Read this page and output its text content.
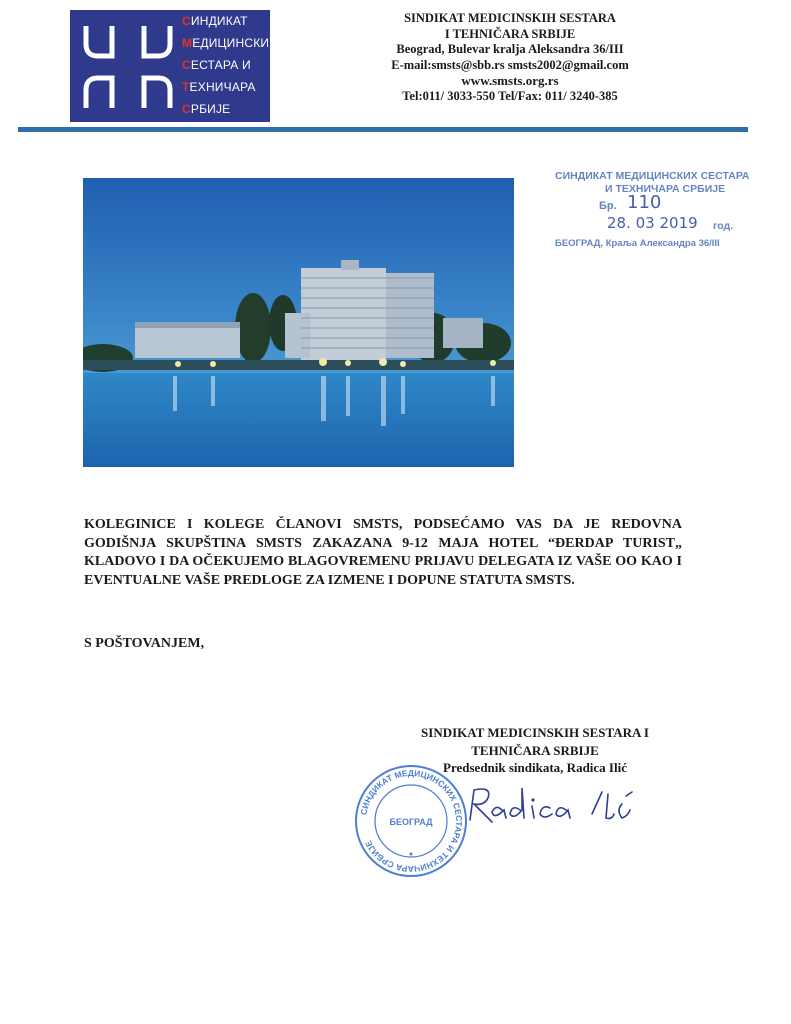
СИНДИКАТ
МЕДИЦИНСКИХ
СЕСТАРА И
ТЕХНИЧАРА
СРБИЈЕ
SINDIKAT MEDICINSKIH SESTARA
I TEHNIČARA SRBIJE
Beograd, Bulevar kralja Aleksandra 36/III
E-mail:smsts@sbb.rs smsts2002@gmail.com
www.smsts.org.rs
Tel:011/ 3033-550 Tel/Fax: 011/ 3240-385
СИНДИКАТ МЕДИЦИНСКИХ СЕСТАРА
И ТЕХНИЧАРА СРБИЈЕ
Бр. 110
28. 03 2019 год.
БЕОГРАД, Краља Александра 36/III
KOLEGINICE I KOLEGE ČLANOVI SMSTS, PODSEĆAMO VAS DA JE REDOVNA GODIŠNJA SKUPŠTINA SMSTS ZAKAZANA 9-12 MAJA HOTEL “ĐERDAP TURIST„ KLADOVO I DA OČEKUJEMO BLAGOVREMENU PRIJAVU DELEGATA IZ VAŠE OO KAO I EVENTUALNE VAŠE PREDLOGE ZA IZMENE I DOPUNE STATUTA SMSTS.
S POŠTOVANJEM,
SINDIKAT MEDICINSKIH SESTARA I
TEHNIČARA SRBIJE
Predsednik sindikata, Radica Ilić
СИНДИКАТ МЕДИЦИНСКИХ СЕСТАРА И ТЕХНИЧАРА СРБИЈЕ
БЕОГРАД
